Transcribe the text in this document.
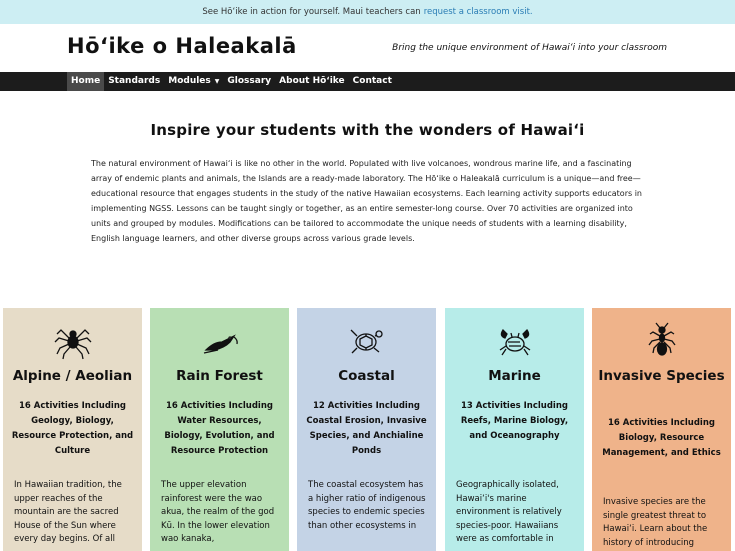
See Hōʻike in action for yourself. Maui teachers can request a classroom visit.
Hōʻike o Haleakalā	Bring the unique environment of Hawaiʻi into your classroom
Home Standards Modules ▼ Glossary About Hōʻike Contact
Inspire your students with the wonders of Hawaiʻi

The natural environment of Hawaiʻi is like no other in the world. Populated with live volcanoes, wondrous marine life, and a fascinating array of endemic plants and animals, the Islands are a ready-made laboratory. The Hōʻike o Haleakalā curriculum is a unique—and free—educational resource that engages students in the study of the native Hawaiian ecosystems. Each learning activity supports educators in implementing NGSS. Lessons can be taught singly or together, as an entire semester-long course. Over 70 activities are organized into units and grouped by modules. Modifications can be tailored to accommodate the unique needs of students with a learning disability, English language learners, and other diverse groups across various grade levels.

Alpine / Aeolian
16 Activities Including Geology, Biology, Resource Protection, and Culture
In Hawaiian tradition, the upper reaches of the mountain are the sacred House of the Sun where every day begins. Of all
Rain Forest
16 Activities Including Water Resources, Biology, Evolution, and Resource Protection
The upper elevation rainforest were the wao akua, the realm of the god Kū. In the lower elevation wao kanaka,
Coastal
12 Activities Including Coastal Erosion, Invasive Species, and Anchialine Ponds
The coastal ecosystem has a higher ratio of indigenous species to endemic species than other ecosystems in
Marine
13 Activities Including Reefs, Marine Biology, and Oceanography
Geographically isolated, Hawaiʻi's marine environment is relatively species-poor. Hawaiians were as comfortable in
Invasive Species
16 Activities Including Biology, Resource Management, and Ethics
Invasive species are the single greatest threat to Hawaiʻi. Learn about the history of introducing
